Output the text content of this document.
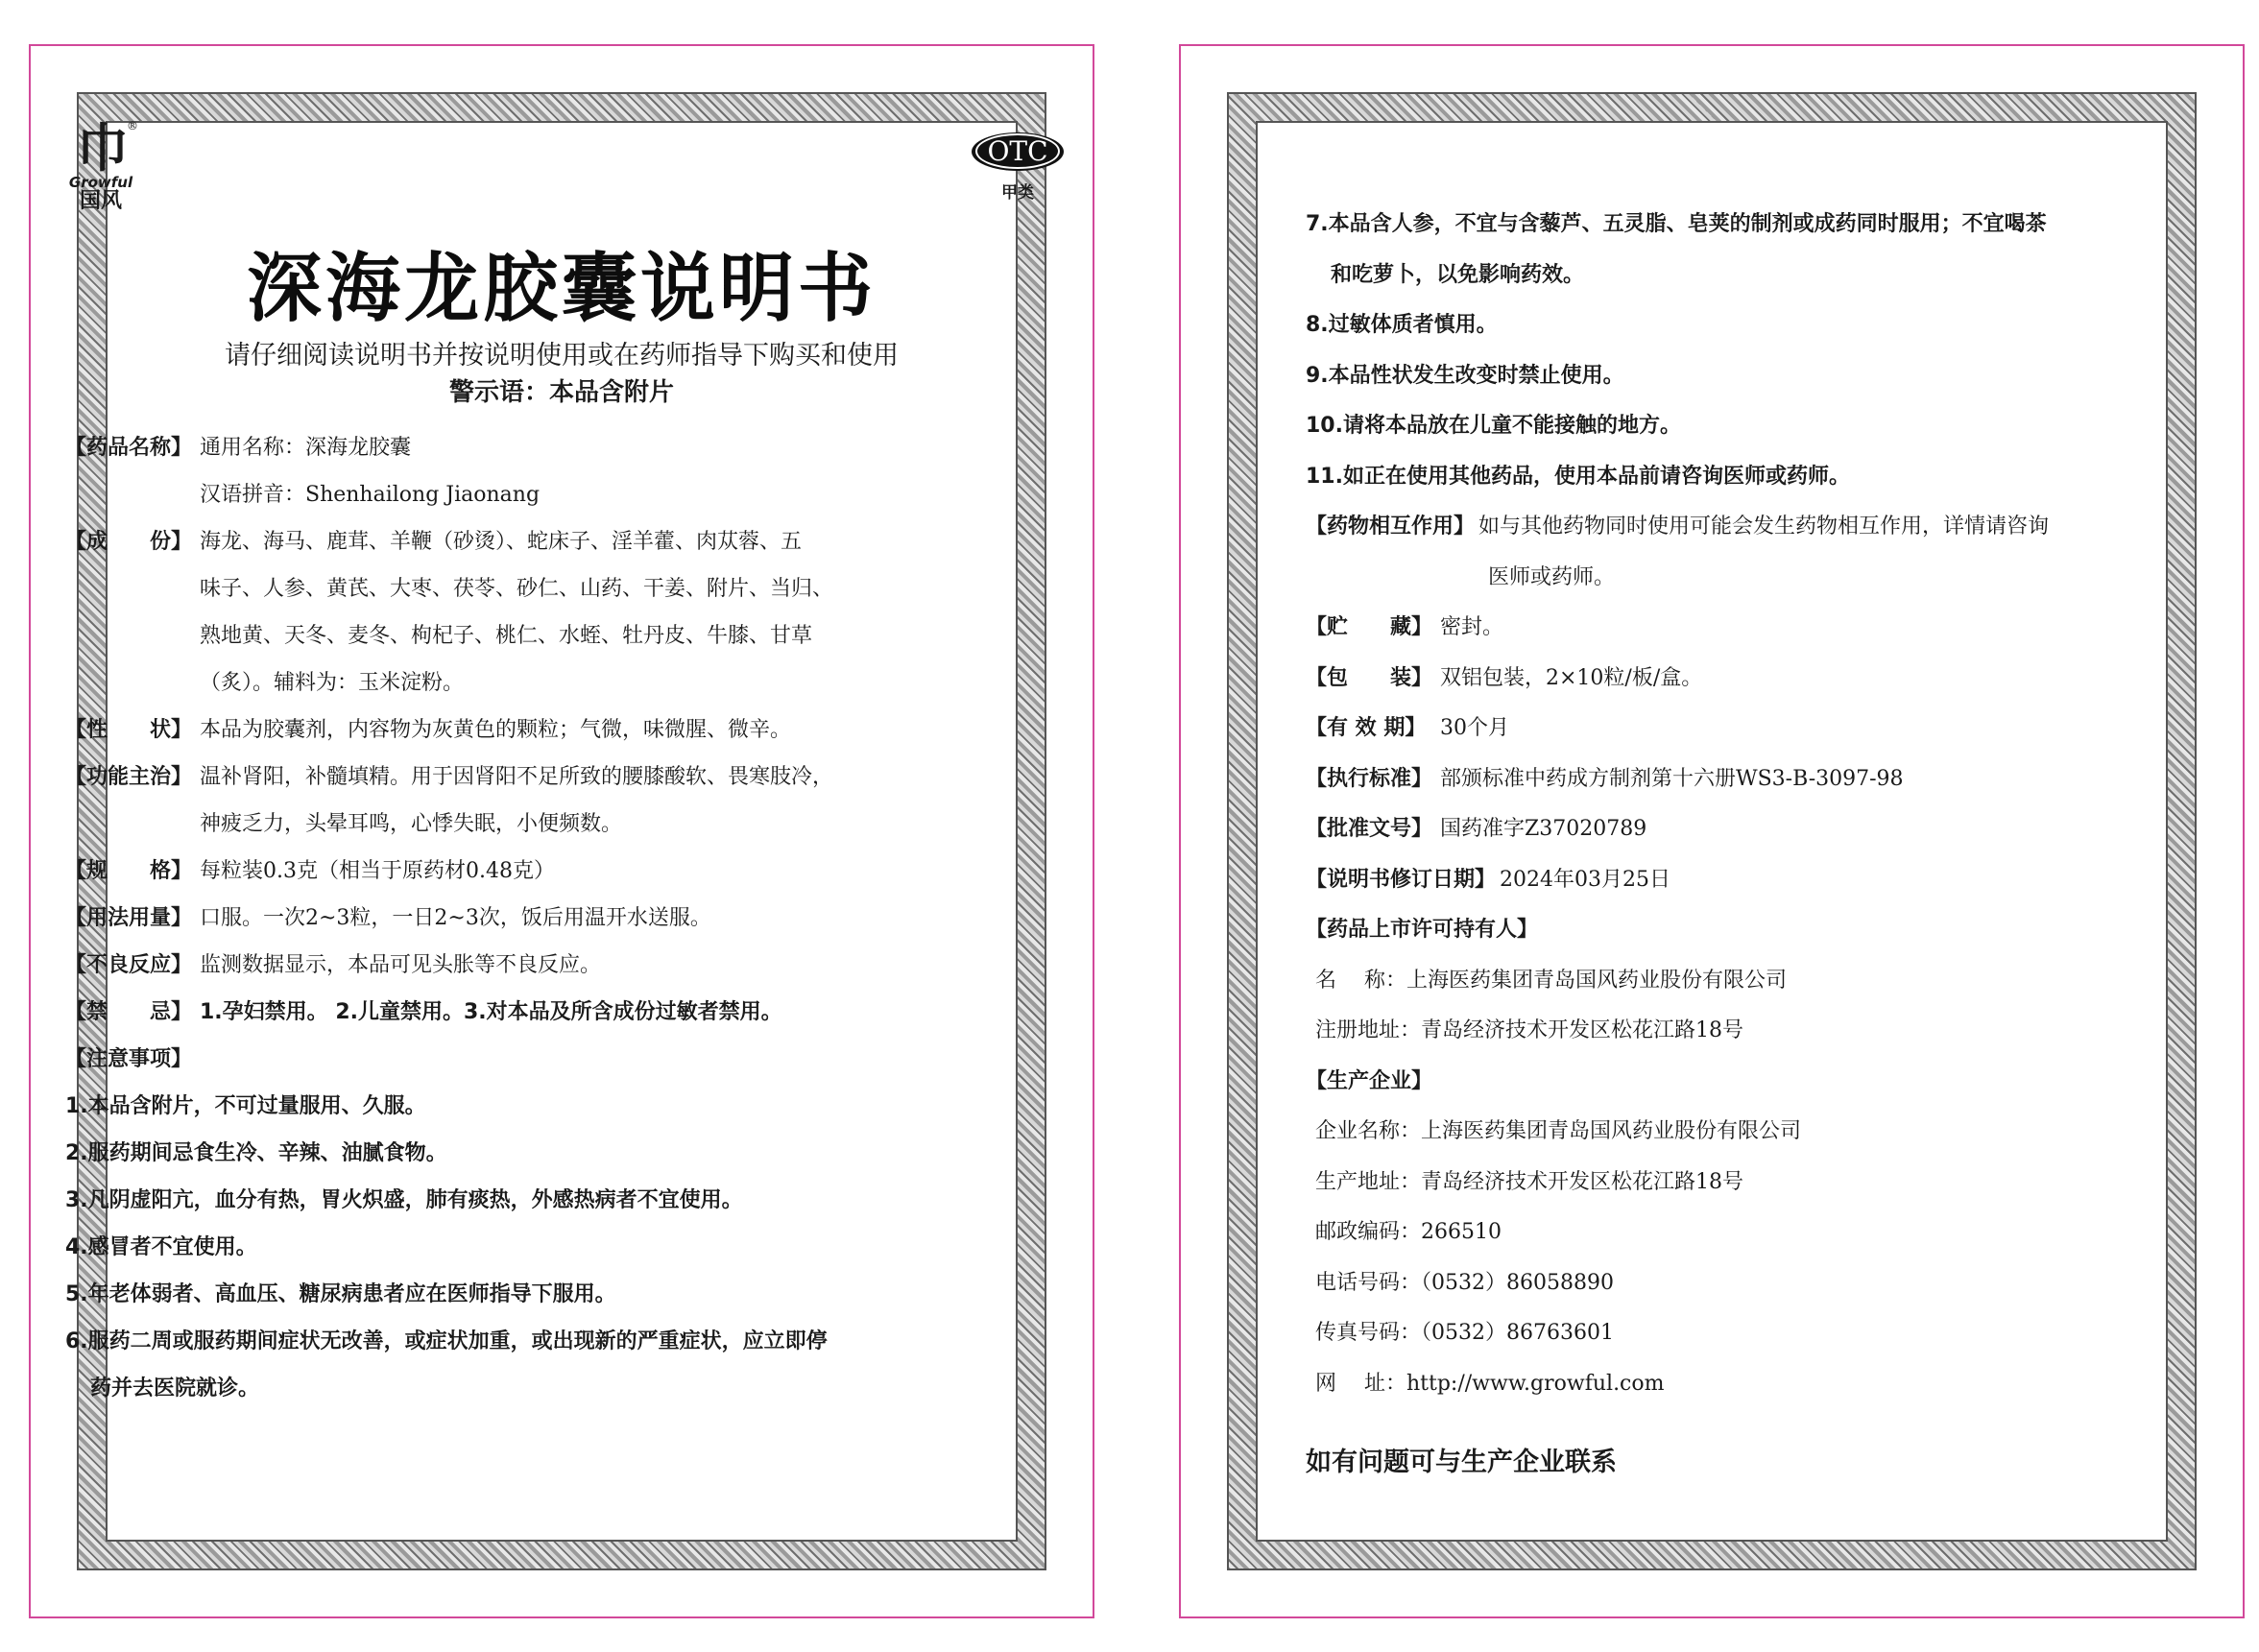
巾 ®
Growful
国风
OTC
甲类
深海龙胶囊说明书
请仔细阅读说明书并按说明使用或在药师指导下购买和使用
警示语：本品含附片
【药品名称】 通用名称：深海龙胶囊
汉语拼音：Shenhailong Jiaonang
【成　　份】 海龙、海马、鹿茸、羊鞭（砂烫）、蛇床子、淫羊藿、肉苁蓉、五
味子、人参、黄芪、大枣、茯苓、砂仁、山药、干姜、附片、当归、
熟地黄、天冬、麦冬、枸杞子、桃仁、水蛭、牡丹皮、牛膝、甘草
（炙）。辅料为：玉米淀粉。
【性　　状】 本品为胶囊剂，内容物为灰黄色的颗粒；气微，味微腥、微辛。
【功能主治】 温补肾阳，补髓填精。用于因肾阳不足所致的腰膝酸软、畏寒肢冷，
神疲乏力，头晕耳鸣，心悸失眠，小便频数。
【规　　格】 每粒装0.3克（相当于原药材0.48克）
【用法用量】 口服。一次2~3粒，一日2~3次，饭后用温开水送服。
【不良反应】 监测数据显示，本品可见头胀等不良反应。
【禁　　忌】 1.孕妇禁用。 2.儿童禁用。3.对本品及所含成份过敏者禁用。
【注意事项】
1.本品含附片，不可过量服用、久服。
2.服药期间忌食生冷、辛辣、油腻食物。
3.凡阴虚阳亢，血分有热，胃火炽盛，肺有痰热，外感热病者不宜使用。
4.感冒者不宜使用。
5.年老体弱者、高血压、糖尿病患者应在医师指导下服用。
6.服药二周或服药期间症状无改善，或症状加重，或出现新的严重症状，应立即停
药并去医院就诊。
7.本品含人参，不宜与含藜芦、五灵脂、皂荚的制剂或成药同时服用；不宜喝茶
和吃萝卜，以免影响药效。
8.过敏体质者慎用。
9.本品性状发生改变时禁止使用。
10.请将本品放在儿童不能接触的地方。
11.如正在使用其他药品，使用本品前请咨询医师或药师。
【药物相互作用】 如与其他药物同时使用可能会发生药物相互作用，详情请咨询
医师或药师。
【贮　　藏】 密封。
【包　　装】 双铝包装，2×10粒/板/盒。
【有 效 期】 30个月
【执行标准】 部颁标准中药成方制剂第十六册WS3-B-3097-98
【批准文号】 国药准字Z37020789
【说明书修订日期】 2024年03月25日
【药品上市许可持有人】
名　 称：上海医药集团青岛国风药业股份有限公司
注册地址：青岛经济技术开发区松花江路18号
【生产企业】
企业名称：上海医药集团青岛国风药业股份有限公司
生产地址：青岛经济技术开发区松花江路18号
邮政编码：266510
电话号码：（0532）86058890
传真号码：（0532）86763601
网　 址：http://www.growful.com
如有问题可与生产企业联系
